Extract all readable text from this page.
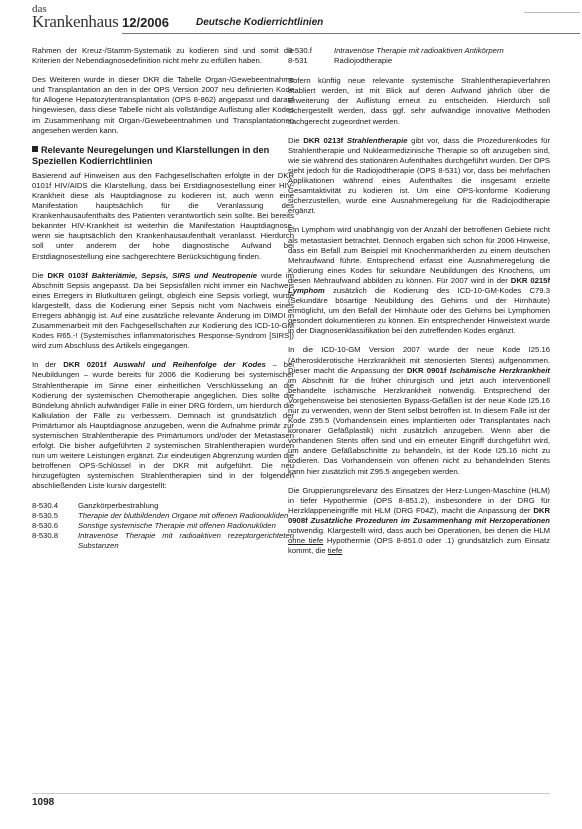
das
Krankenhaus 12/2006	Deutsche Kodierrichtlinien

Rahmen der Kreuz-/Stamm-Systematik zu kodieren sind und somit die Kriterien der Nebendiagnosedefinition nicht mehr zu erfüllen haben.

Des Weiteren wurde in dieser DKR die Tabelle Organ-/Gewebeentnahme und Transplantation an den in der OPS Version 2007 neu definierten Kode für Allogene Hepatozytentransplantation (OPS 8-862) angepasst und darauf hingewiesen, dass diese Tabelle nicht als vollständige Auflistung aller Kodes im Zusammenhang mit Organ-/Gewebeentnahmen und Transplantationen angesehen werden kann.

Relevante Neuregelungen und Klarstellungen in den Speziellen Kodierrichtlinien

Basierend auf Hinweisen aus den Fachgesellschaften erfolgte in der DKR 0101f HIV/AIDS die Klarstellung, dass bei Erstdiagnosestellung einer HIV-Krankheit diese als Hauptdiagnose zu kodieren ist, auch wenn eine Manifestation hauptsächlich für die Veranlassung des Krankenhausaufenthalts des Patienten verantwortlich sein sollte. Bei bereits bekannter HIV-Krankheit ist weiterhin die Manifestation Hauptdiagnose, wenn sie hauptsächlich den Krankenhausaufenthalt veranlasst. Hierdurch soll unter anderem der hohe diagnostische Aufwand bei Erstdiagnosestellung eine sachgerechtere Berücksichtigung finden.

Die DKR 0103f Bakteriämie, Sepsis, SIRS und Neutropenie wurde im Abschnitt Sepsis angepasst. Da bei Sepsisfällen nicht immer ein Nachweis eines Erregers in Blutkulturen gelingt, obgleich eine Sepsis vorliegt, wurde klargestellt, dass die Kodierung einer Sepsis nicht vom Nachweis eines Erregers abhängig ist. Auf eine zusätzliche relevante Änderung im DIMDI in Zusammenarbeit mit den Fachgesellschaften zur Kodierung des ICD-10-GM Kodes R65.-! (Systemisches inflammatorisches Response-Syndrom [SIRS]) wird zum Abschluss des Artikels eingegangen.

In der DKR 0201f Auswahl und Reihenfolge der Kodes – bei Neubildungen – wurde bereits für 2006 die Kodierung bei systemischer Strahlentherapie im Sinne einer einheitlichen Verschlüsselung an die Kodierung der systemischen Chemotherapie angeglichen. Dies sollte die Bündelung ähnlich aufwändiger Fälle in einer DRG fördern, um hierdurch die Kalkulation der Fälle zu verbessern. Demnach ist grundsätzlich der Primärtumor als Hauptdiagnose anzugeben, wenn die Aufnahme primär zur systemischen Strahlentherapie des Primärtumors und/oder der Metastasen erfolgt. Die bisher aufgeführten 2 systemischen Strahlentherapien wurden nun um weitere Leistungen ergänzt. Zur eindeutigen Abgrenzung wurden die betroffenen OPS-Schlüssel in der DKR mit aufgeführt. Die neu hinzugefügten systemischen Strahlentherapien sind in der folgenden abschließenden Liste kursiv dargestellt:

8-530.4	Ganzkörperbestrahlung
8-530.5	Therapie der blutbildenden Organe mit offenen Radionukliden
8-530.6	Sonstige systemische Therapie mit offenen Radionukliden
8-530.8	Intravenöse Therapie mit radioaktiven rezeptorgerichteten Substanzen
8-530.f	Intravenöse Therapie mit radioaktiven Antikörpern
8-531	Radiojodtherapie

Sofern künftig neue relevante systemische Strahlentherapieverfahren etabliert werden, ist mit Blick auf deren Aufwand jährlich über die Erweiterung der Auflistung erneut zu entscheiden. Hierdurch soll sichergestellt werden, dass ggf. sehr aufwändige innovative Methoden sachgerecht zugeordnet werden.

Die DKR 0213f Strahlentherapie gibt vor, dass die Prozedurenkodes für Strahlentherapie und Nuklearmedizinische Therapie so oft anzugeben sind, wie sie während des stationären Aufenthaltes durchgeführt wurden. Der OPS sieht jedoch für die Radiojodtherapie (OPS 8-531) vor, dass bei mehrfachen Applikationen während eines Aufenthaltes die insgesamt erzielte Gesamtaktivität zu kodieren ist. Um eine OPS-konforme Kodierung sicherzustellen, wurde eine Ausnahmeregelung für die Radiojodtherapie ergänzt.

Ein Lymphom wird unabhängig von der Anzahl der betroffenen Gebiete nicht als metastasiert betrachtet. Dennoch ergaben sich schon für 2006 Hinweise, dass ein Befall zum Beispiel mit Knochenmarkherden zu einem deutschen Mehraufwand führte. Entsprechend erfasst eine Ausnahmeregelung die Kodierung eines Kodes für sekundäre Neubildungen des Knochens, um diesen Mehraufwand abbilden zu können. Für 2007 wird in der DKR 0215f Lymphom zusätzlich die Kodierung des ICD-10-GM-Kodes C79.3 (Sekundäre bösartige Neubildung des Gehirns und der Hirnhäute) ermöglicht, um den Befall der Hirnhäute oder des Gehirns bei Lymphomen gesondert dokumentieren zu können. Ein entsprechender Hinweistext wurde in der Diagnosenklassifikation bei den zutreffenden Kodes ergänzt.

In die ICD-10-GM Version 2007 wurde der neue Kode I25.16 (Atherosklerotische Herzkrankheit mit stenosierten Stents) aufgenommen. Dieser macht die Anpassung der DKR 0901f Ischämische Herzkrankheit im Abschnitt für die früher chirurgisch und jetzt auch interventionell behandelte ischämische Herzkrankheit notwendig. Entsprechend der Vorgehensweise bei stenosierten Bypass-Gefäßen ist der neue Kode I25.16 nur zu verwenden, wenn der Stent selbst betroffen ist. In diesem Falle ist der Kode Z95.5 (Vorhandensein eines implantierten oder Transplantates nach koronarer Gefäßplastik) nicht zusätzlich anzugeben. Wenn aber die vorhandenen Stents offen sind und ein erneuter Eingriff durchgeführt wird, um andere Gefäßabschnitte zu behandeln, ist der Kode I25.16 nicht zu kodieren. Das Vorhandensein von offenen nicht zu behandelnden Stents kann hier zusätzlich mit Z95.5 angegeben werden.

Die Gruppierungsrelevanz des Einsatzes der Herz-Lungen-Maschine (HLM) in tiefer Hypothermie (OPS 8-851.2), insbesondere in der DRG für Herzklappeneingriffe mit HLM (DRG F04Z), macht die Anpassung der DKR 0908f Zusätzliche Prozeduren im Zusammenhang mit Herzoperationen notwendig. Klargestellt wird, dass auch bei Operationen, bei denen die HLM ohne tiefe Hypothermie (OPS 8-851.0 oder .1) grundsätzlich zum Einsatz kommt, die tiefe

1098
